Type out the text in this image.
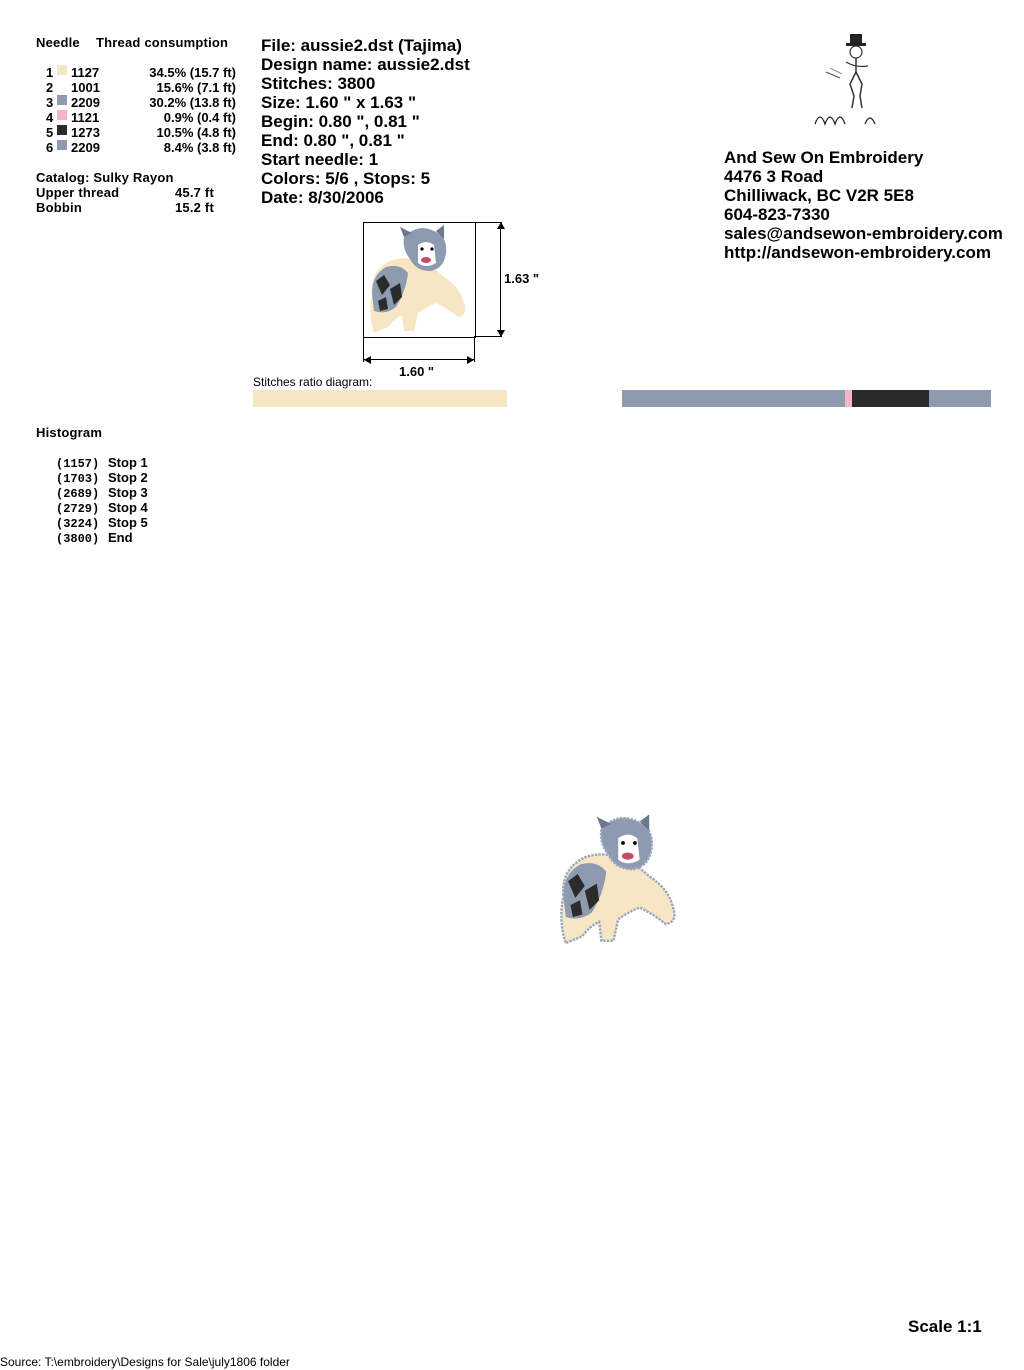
Needle Thread consumption
1 1127	34.5% (15.7 ft)
2 1001	15.6% (7.1 ft)
3 2209	30.2% (13.8 ft)
4 1121	0.9% (0.4 ft)
5 1273	10.5% (4.8 ft)
6 2209	8.4% (3.8 ft)
Catalog: Sulky Rayon
Upper thread	45.7 ft
Bobbin	15.2 ft
File: aussie2.dst (Tajima)
Design name: aussie2.dst
Stitches: 3800
Size: 1.60 " x 1.63 "
Begin: 0.80 ", 0.81 "
End: 0.80 ", 0.81 "
Start needle: 1
Colors: 5/6 , Stops: 5
Date: 8/30/2006
And Sew On Embroidery
4476 3 Road
Chilliwack, BC V2R 5E8
604-823-7330
sales@andsewon-embroidery.com
http://andsewon-embroidery.com
1.63 "
1.60 "
Stitches ratio diagram:
Histogram
(1157) Stop 1
(1703) Stop 2
(2689) Stop 3
(2729) Stop 4
(3224) Stop 5
(3800) End
Scale 1:1
Source: T:\embroidery\Designs for Sale\july1806 folder
